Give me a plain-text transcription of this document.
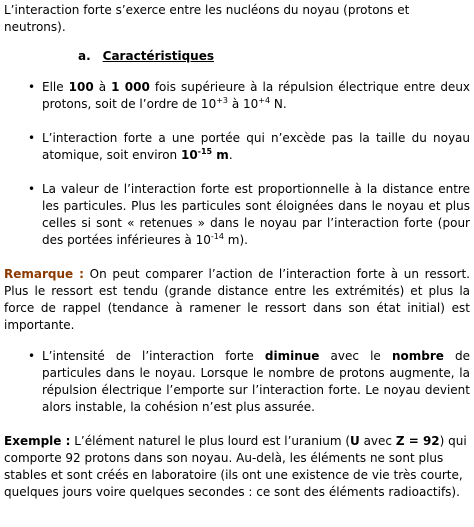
L’interaction forte s’exerce entre les nucléons du noyau (protons et neutrons).

a. Caractéristiques
• Elle 100 à 1 000 fois supérieure à la répulsion électrique entre deux protons, soit de l’ordre de $10^{+3}$ à $10^{+4}$ N.
• L’interaction forte a une portée qui n’excède pas la taille du noyau atomique, soit environ $10^{-15}$ m.
• La valeur de l’interaction forte est proportionnelle à la distance entre les particules. Plus les particules sont éloignées dans le noyau et plus celles si sont « retenues » dans le noyau par l’interaction forte (pour des portées inférieures à $10^{-14}$ m).

Remarque : On peut comparer l’action de l’interaction forte à un ressort. Plus le ressort est tendu (grande distance entre les extrémités) et plus la force de rappel (tendance à ramener le ressort dans son état initial) est importante.

• L’intensité de l’interaction forte diminue avec le nombre de particules dans le noyau. Lorsque le nombre de protons augmente, la répulsion électrique l’emporte sur l’interaction forte. Le noyau devient alors instable, la cohésion n’est plus assurée.

Exemple : L’élément naturel le plus lourd est l’uranium (U avec Z = 92) qui comporte 92 protons dans son noyau. Au-delà, les éléments ne sont plus stables et sont créés en laboratoire (ils ont une existence de vie très courte, quelques jours voire quelques secondes : ce sont des éléments radioactifs).
